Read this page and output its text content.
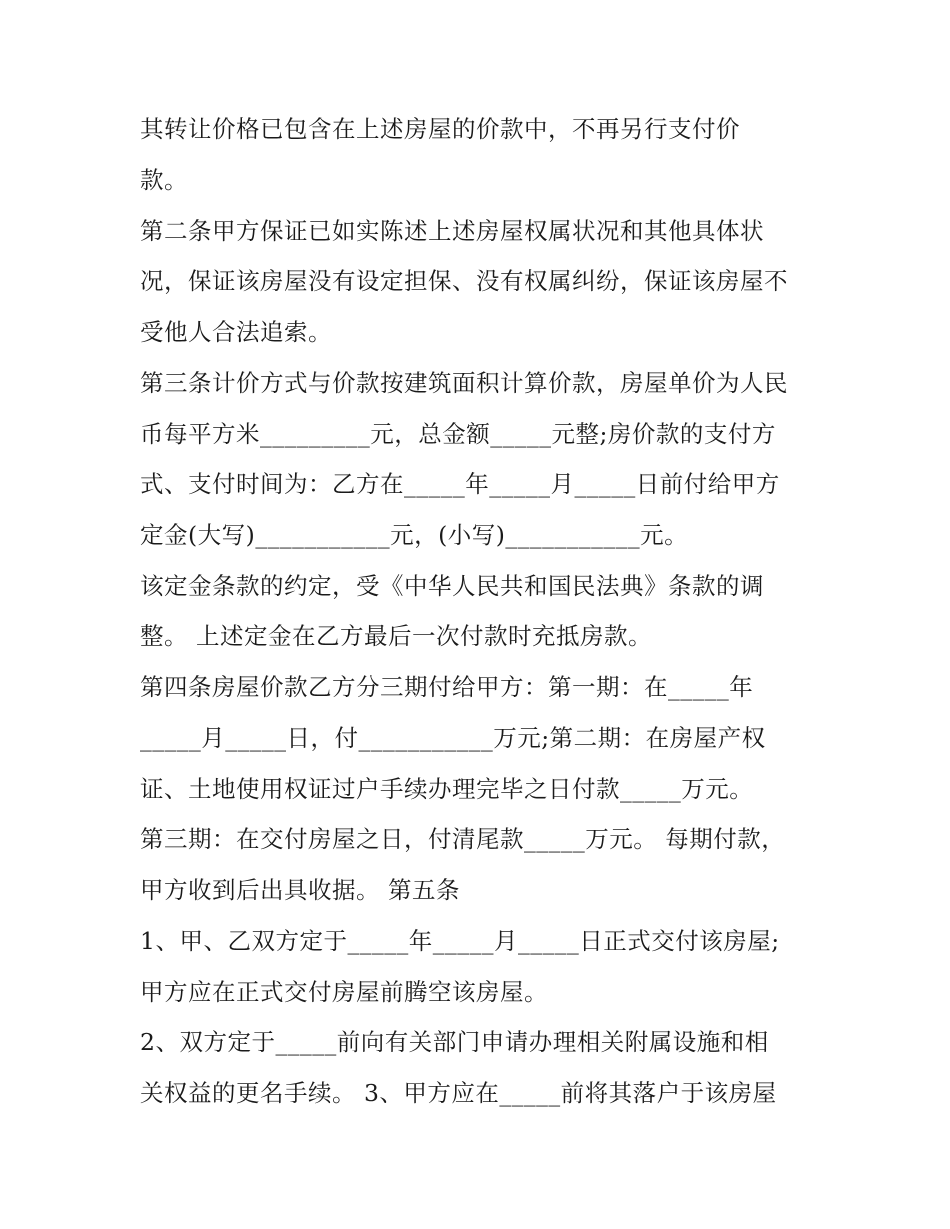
其转让价格已包含在上述房屋的价款中，不再另行支付价

款。

第二条甲方保证已如实陈述上述房屋权属状况和其他具体状

况，保证该房屋没有设定担保、没有权属纠纷，保证该房屋不

受他人合法追索。

第三条计价方式与价款按建筑面积计算价款，房屋单价为人民

币每平方米_________元，总金额_____元整;房价款的支付方

式、支付时间为：乙方在_____年_____月_____日前付给甲方

定金(大写)___________元，(小写)___________元。

该定金条款的约定，受《中华人民共和国民法典》条款的调

整。 上述定金在乙方最后一次付款时充抵房款。

第四条房屋价款乙方分三期付给甲方：第一期：在_____年

_____月_____日，付___________万元;第二期：在房屋产权

证、土地使用权证过户手续办理完毕之日付款_____万元。

第三期：在交付房屋之日，付清尾款_____万元。 每期付款，

甲方收到后出具收据。 第五条

1、甲、乙双方定于_____年_____月_____日正式交付该房屋;

甲方应在正式交付房屋前腾空该房屋。

2、双方定于_____前向有关部门申请办理相关附属设施和相

关权益的更名手续。 3、甲方应在_____前将其落户于该房屋
